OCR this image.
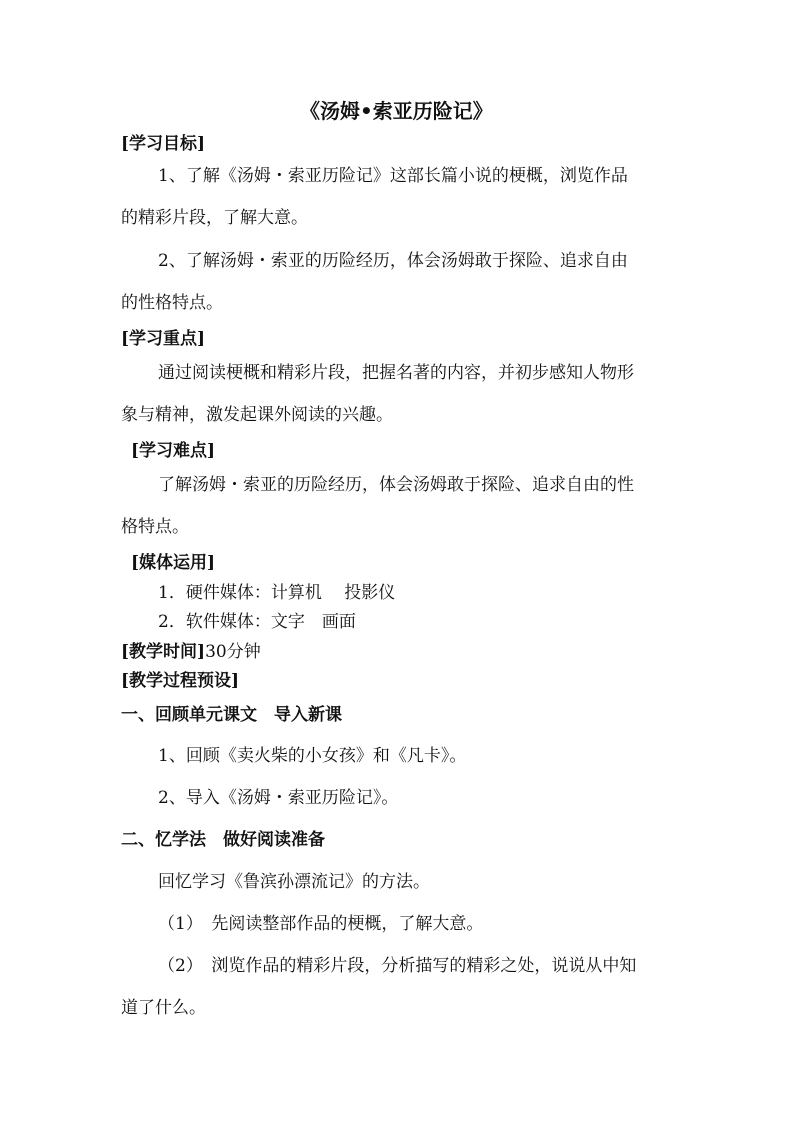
《汤姆•索亚历险记》
[学习目标]
1、了解《汤姆・索亚历险记》这部长篇小说的梗概，浏览作品
的精彩片段，了解大意。
2、了解汤姆・索亚的历险经历，体会汤姆敢于探险、追求自由
的性格特点。
[学习重点]
通过阅读梗概和精彩片段，把握名著的内容，并初步感知人物形
象与精神，激发起课外阅读的兴趣。
[学习难点]
了解汤姆・索亚的历险经历，体会汤姆敢于探险、追求自由的性
格特点。
[媒体运用]
1．硬件媒体：计算机　 投影仪
2．软件媒体：文字　画面
[教学时间]30分钟
[教学过程预设]
一、回顾单元课文　导入新课
1、回顾《卖火柴的小女孩》和《凡卡》。
2、导入《汤姆・索亚历险记》。
二、忆学法　做好阅读准备
回忆学习《鲁滨孙漂流记》的方法。
（1）　先阅读整部作品的梗概，了解大意。
（2）　浏览作品的精彩片段，分析描写的精彩之处，说说从中知
道了什么。
